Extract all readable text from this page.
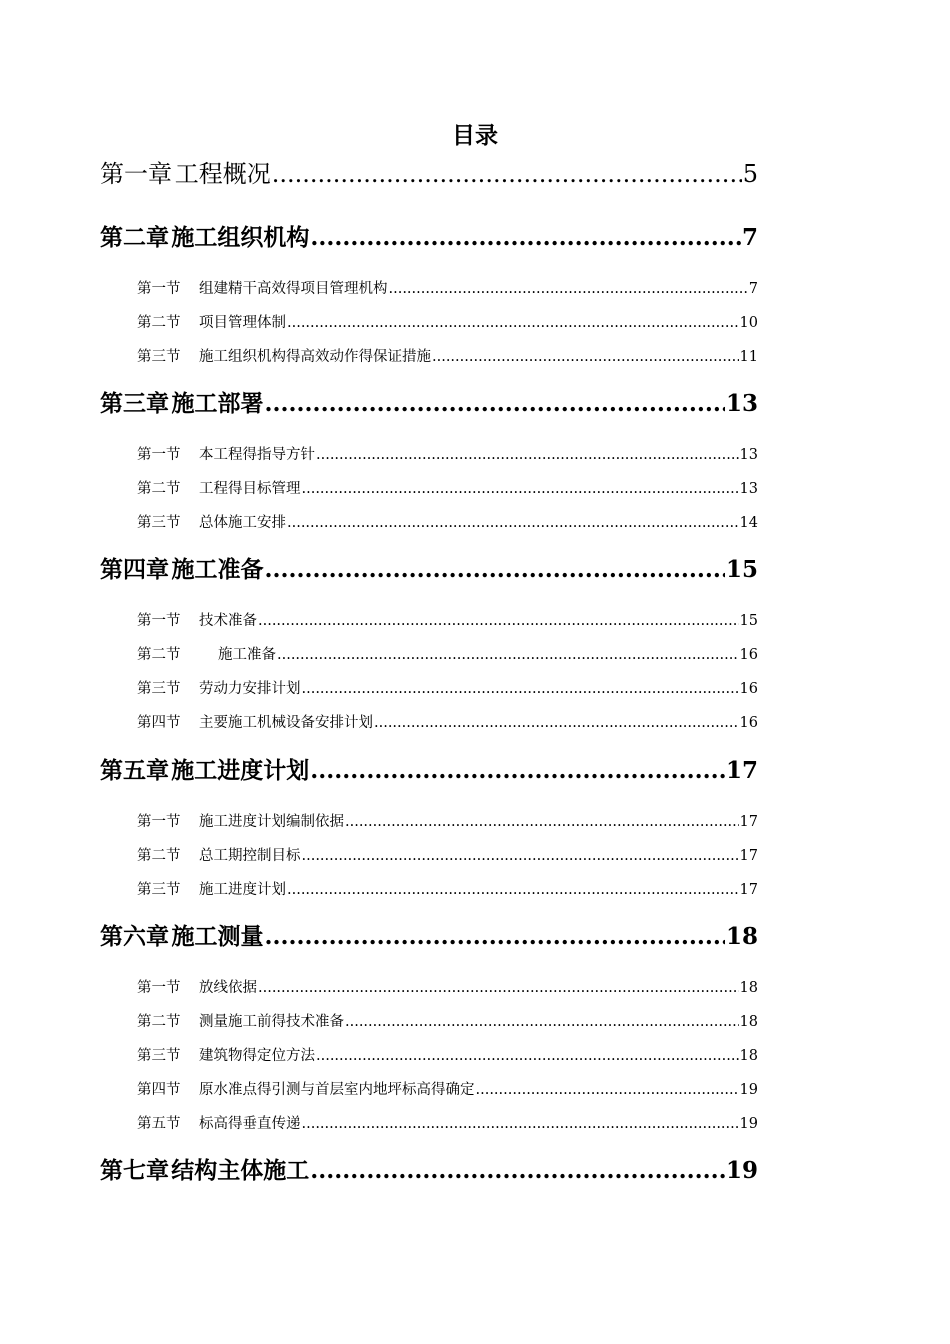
目录
第一章 工程概况 .....	5
第二章 施工组织机构 .....	7
第一节	组建精干高效得项目管理机构 .....	7
第二节	项目管理体制 .....	10
第三节	施工组织机构得高效动作得保证措施 .....	11
第三章 施工部署 .....	13
第一节	本工程得指导方针 .....	13
第二节	工程得目标管理 .....	13
第三节	总体施工安排 .....	14
第四章 施工准备 .....	15
第一节	技术准备 .....	15
第二节	施工准备 .....	16
第三节	劳动力安排计划 .....	16
第四节	主要施工机械设备安排计划 .....	16
第五章 施工进度计划 .....	17
第一节	施工进度计划编制依据 .....	17
第二节	总工期控制目标 .....	17
第三节	施工进度计划 .....	17
第六章 施工测量 .....	18
第一节	放线依据 .....	18
第二节	测量施工前得技术准备 .....	18
第三节	建筑物得定位方法 .....	18
第四节	原水准点得引测与首层室内地坪标高得确定 .....	19
第五节	标高得垂直传递 .....	19
第七章 结构主体施工 .....	19
